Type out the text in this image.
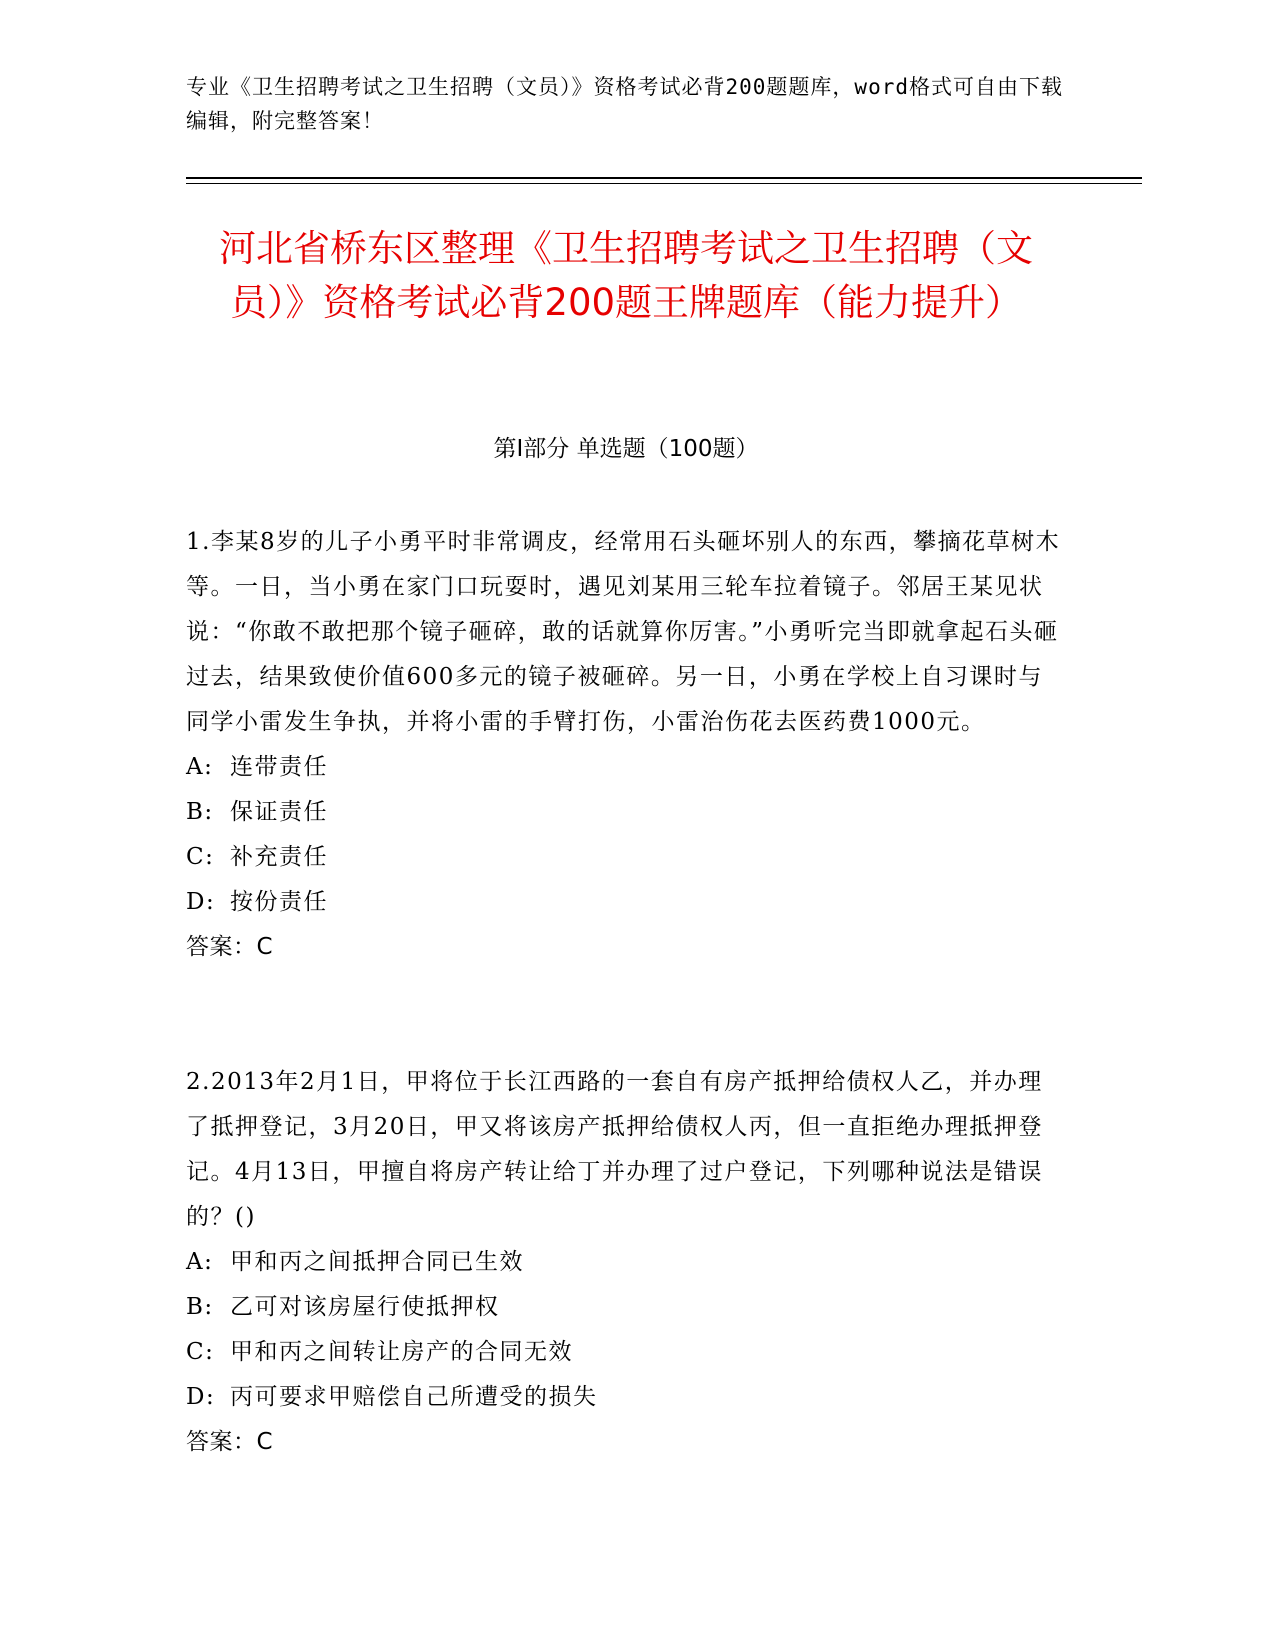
专业《卫生招聘考试之卫生招聘（文员）》资格考试必背200题题库，word格式可自由下载编辑，附完整答案！
河北省桥东区整理《卫生招聘考试之卫生招聘（文员）》资格考试必背200题王牌题库（能力提升）
第Ⅰ部分 单选题（100题）

1.李某8岁的儿子小勇平时非常调皮，经常用石头砸坏别人的东西，攀摘花草树木等。一日，当小勇在家门口玩耍时，遇见刘某用三轮车拉着镜子。邻居王某见状说：“你敢不敢把那个镜子砸碎，敢的话就算你厉害。”小勇听完当即就拿起石头砸过去，结果致使价值600多元的镜子被砸碎。另一日，小勇在学校上自习课时与同学小雷发生争执，并将小雷的手臂打伤，小雷治伤花去医药费1000元。

A: 连带责任

B: 保证责任

C: 补充责任

D: 按份责任

答案：C

2.2013年2月1日，甲将位于长江西路的一套自有房产抵押给债权人乙，并办理了抵押登记，3月20日，甲又将该房产抵押给债权人丙，但一直拒绝办理抵押登记。4月13日，甲擅自将房产转让给丁并办理了过户登记，下列哪种说法是错误的？()

A: 甲和丙之间抵押合同已生效

B: 乙可对该房屋行使抵押权

C: 甲和丙之间转让房产的合同无效

D: 丙可要求甲赔偿自己所遭受的损失

答案：C
